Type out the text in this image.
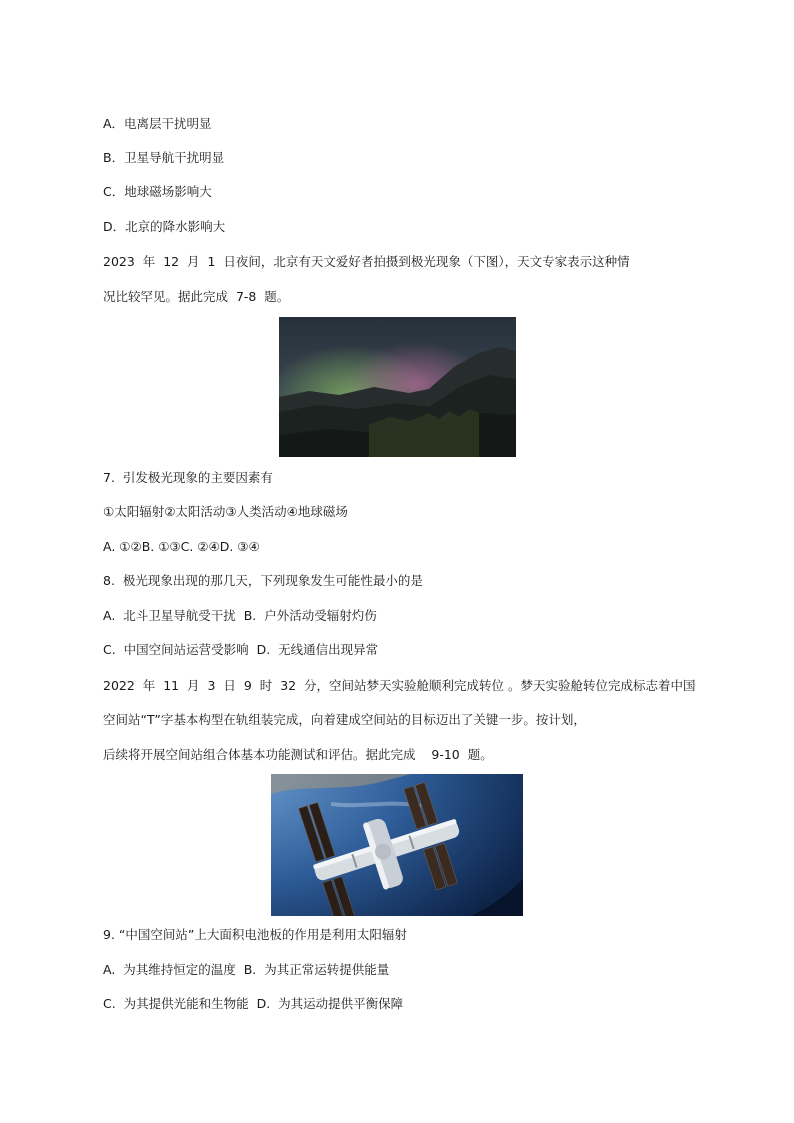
A．电离层干扰明显
B．卫星导航干扰明显
C．地球磁场影响大
D．北京的降水影响大
2023  年  12  月  1  日夜间，北京有天文爱好者拍摄到极光现象（下图），天文专家表示这种情
况比较罕见。据此完成  7-8  题。
7.  引发极光现象的主要因素有
①太阳辐射②太阳活动③人类活动④地球磁场
A. ①②B. ①③C. ②④D. ③④
8.  极光现象出现的那几天，下列现象发生可能性最小的是
A.  北斗卫星导航受干扰  B.  户外活动受辐射灼伤
C.  中国空间站运营受影响  D.  无线通信出现异常
2022  年  11  月  3  日  9  时  32  分，空间站梦天实验舱顺利完成转位 。梦天实验舱转位完成标志着中国
空间站“T”字基本构型在轨组装完成，向着建成空间站的目标迈出了关键一步。按计划，
后续将开展空间站组合体基本功能测试和评估。据此完成    9-10  题。
9. “中国空间站”上大面积电池板的作用是利用太阳辐射
A.  为其维持恒定的温度  B.  为其正常运转提供能量
C.  为其提供光能和生物能  D.  为其运动提供平衡保障
